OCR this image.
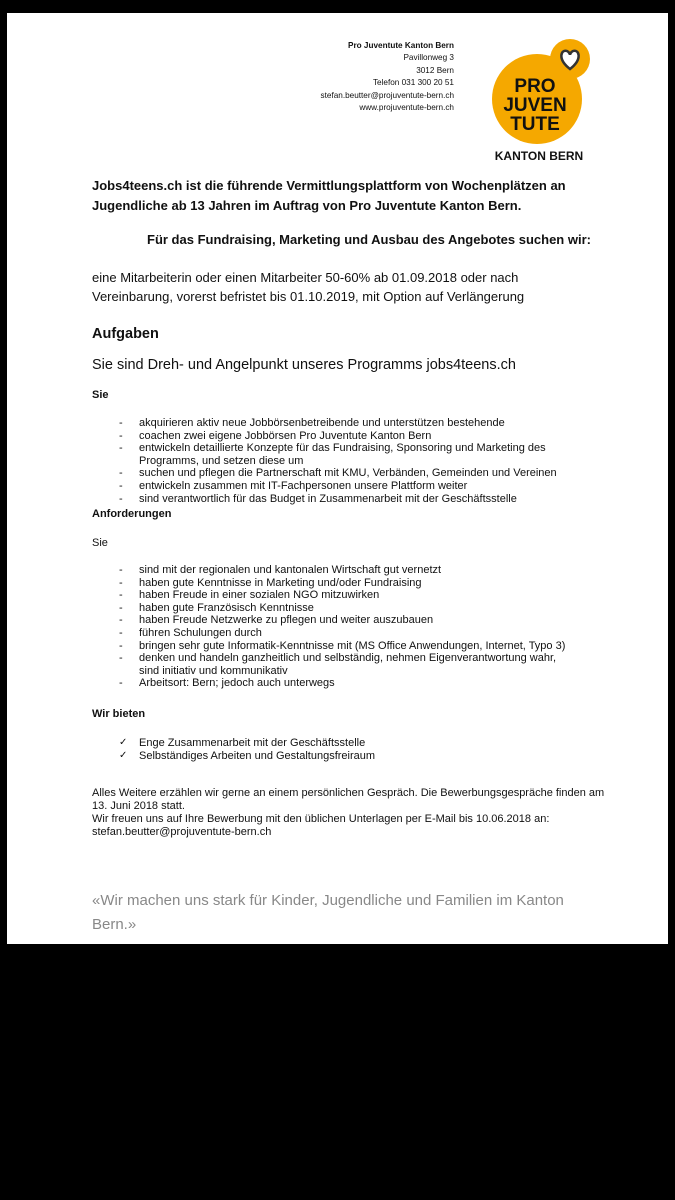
Pro Juventute Kanton Bern
Pavillonweg 3
3012 Bern
Telefon 031 300 20 51
stefan.beutter@projuventute-bern.ch
www.projuventute-bern.ch
PRO
JUVEN
TUTE
KANTON BERN
Jobs4teens.ch ist die führende Vermittlungsplattform von Wochenplätzen an Jugendliche ab 13 Jahren im Auftrag von Pro Juventute Kanton Bern.
Für das Fundraising, Marketing und Ausbau des Angebotes suchen wir:
eine Mitarbeiterin oder einen Mitarbeiter 50-60% ab 01.09.2018 oder nach Vereinbarung, vorerst befristet bis 01.10.2019, mit Option auf Verlängerung
Aufgaben
Sie sind Dreh- und Angelpunkt unseres Programms jobs4teens.ch
Sie
- akquirieren aktiv neue Jobbörsenbetreibende und unterstützen bestehende
- coachen zwei eigene Jobbörsen Pro Juventute Kanton Bern
- entwickeln detaillierte Konzepte für das Fundraising, Sponsoring und Marketing des Programms, und setzen diese um
- suchen und pflegen die Partnerschaft mit KMU, Verbänden, Gemeinden und Vereinen
- entwickeln zusammen mit IT-Fachpersonen unsere Plattform weiter
- sind verantwortlich für das Budget in Zusammenarbeit mit der Geschäftsstelle
Anforderungen
Sie
- sind mit der regionalen und kantonalen Wirtschaft gut vernetzt
- haben gute Kenntnisse in Marketing und/oder Fundraising
- haben Freude in einer sozialen NGO mitzuwirken
- haben gute Französisch Kenntnisse
- haben Freude Netzwerke zu pflegen und weiter auszubauen
- führen Schulungen durch
- bringen sehr gute Informatik-Kenntnisse mit (MS Office Anwendungen, Internet, Typo 3)
- denken und handeln ganzheitlich und selbständig, nehmen Eigenverantwortung wahr, sind initiativ und kommunikativ
- Arbeitsort: Bern; jedoch auch unterwegs
Wir bieten
✓ Enge Zusammenarbeit mit der Geschäftsstelle
✓ Selbständiges Arbeiten und Gestaltungsfreiraum
Alles Weitere erzählen wir gerne an einem persönlichen Gespräch. Die Bewerbungsgespräche finden am 13. Juni 2018 statt.
Wir freuen uns auf Ihre Bewerbung mit den üblichen Unterlagen per E-Mail bis 10.06.2018 an:
stefan.beutter@projuventute-bern.ch
«Wir machen uns stark für Kinder, Jugendliche und Familien im Kanton Bern.»
